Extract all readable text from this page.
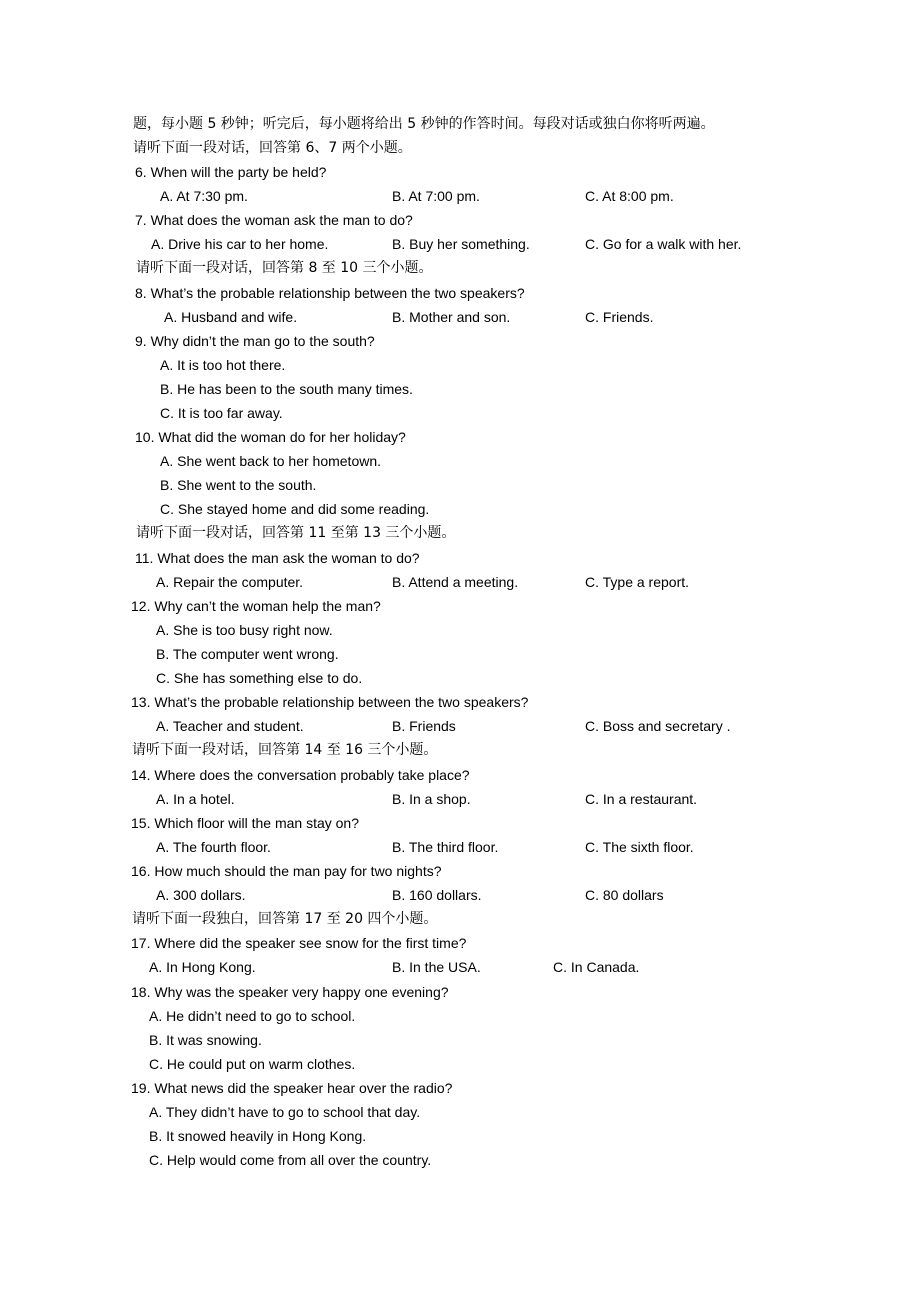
题，每小题 5 秒钟；听完后，每小题将给出 5 秒钟的作答时间。每段对话或独白你将听两遍。
请听下面一段对话，回答第 6、7 两个小题。
6. When will the party be held?
A. At 7:30 pm.	B. At 7:00 pm.	C. At 8:00 pm.
7. What does the woman ask the man to do?
A. Drive his car to her home.	B. Buy her something.	C. Go for a walk with her.
请听下面一段对话，回答第 8 至 10 三个小题。
8. What’s the probable relationship between the two speakers?
A. Husband and wife.	B. Mother and son.	C. Friends.
9. Why didn’t the man go to the south?
A. It is too hot there.
B. He has been to the south many times.
C. It is too far away.
10. What did the woman do for her holiday?
A. She went back to her hometown.
B. She went to the south.
C. She stayed home and did some reading.
请听下面一段对话，回答第 11 至第 13 三个小题。
11. What does the man ask the woman to do?
A. Repair the computer.	B. Attend a meeting.	C. Type a report.
12. Why can’t the woman help the man?
A. She is too busy right now.
B. The computer went wrong.
C. She has something else to do.
13. What’s the probable relationship between the two speakers?
A. Teacher and student.	B. Friends	C. Boss and secretary .
请听下面一段对话，回答第 14 至 16 三个小题。
14. Where does the conversation probably take place?
A. In a hotel.	B. In a shop.	C. In a restaurant.
15. Which floor will the man stay on?
A. The fourth floor.	B. The third floor.	C. The sixth floor.
16. How much should the man pay for two nights?
A. 300 dollars.	B. 160 dollars.	C. 80 dollars
请听下面一段独白，回答第 17 至 20 四个小题。
17. Where did the speaker see snow for the first time?
A. In Hong Kong.	B. In the USA.	C. In Canada.
18. Why was the speaker very happy one evening?
A. He didn’t need to go to school.
B. It was snowing.
C. He could put on warm clothes.
19. What news did the speaker hear over the radio?
A. They didn’t have to go to school that day.
B. It snowed heavily in Hong Kong.
C. Help would come from all over the country.
